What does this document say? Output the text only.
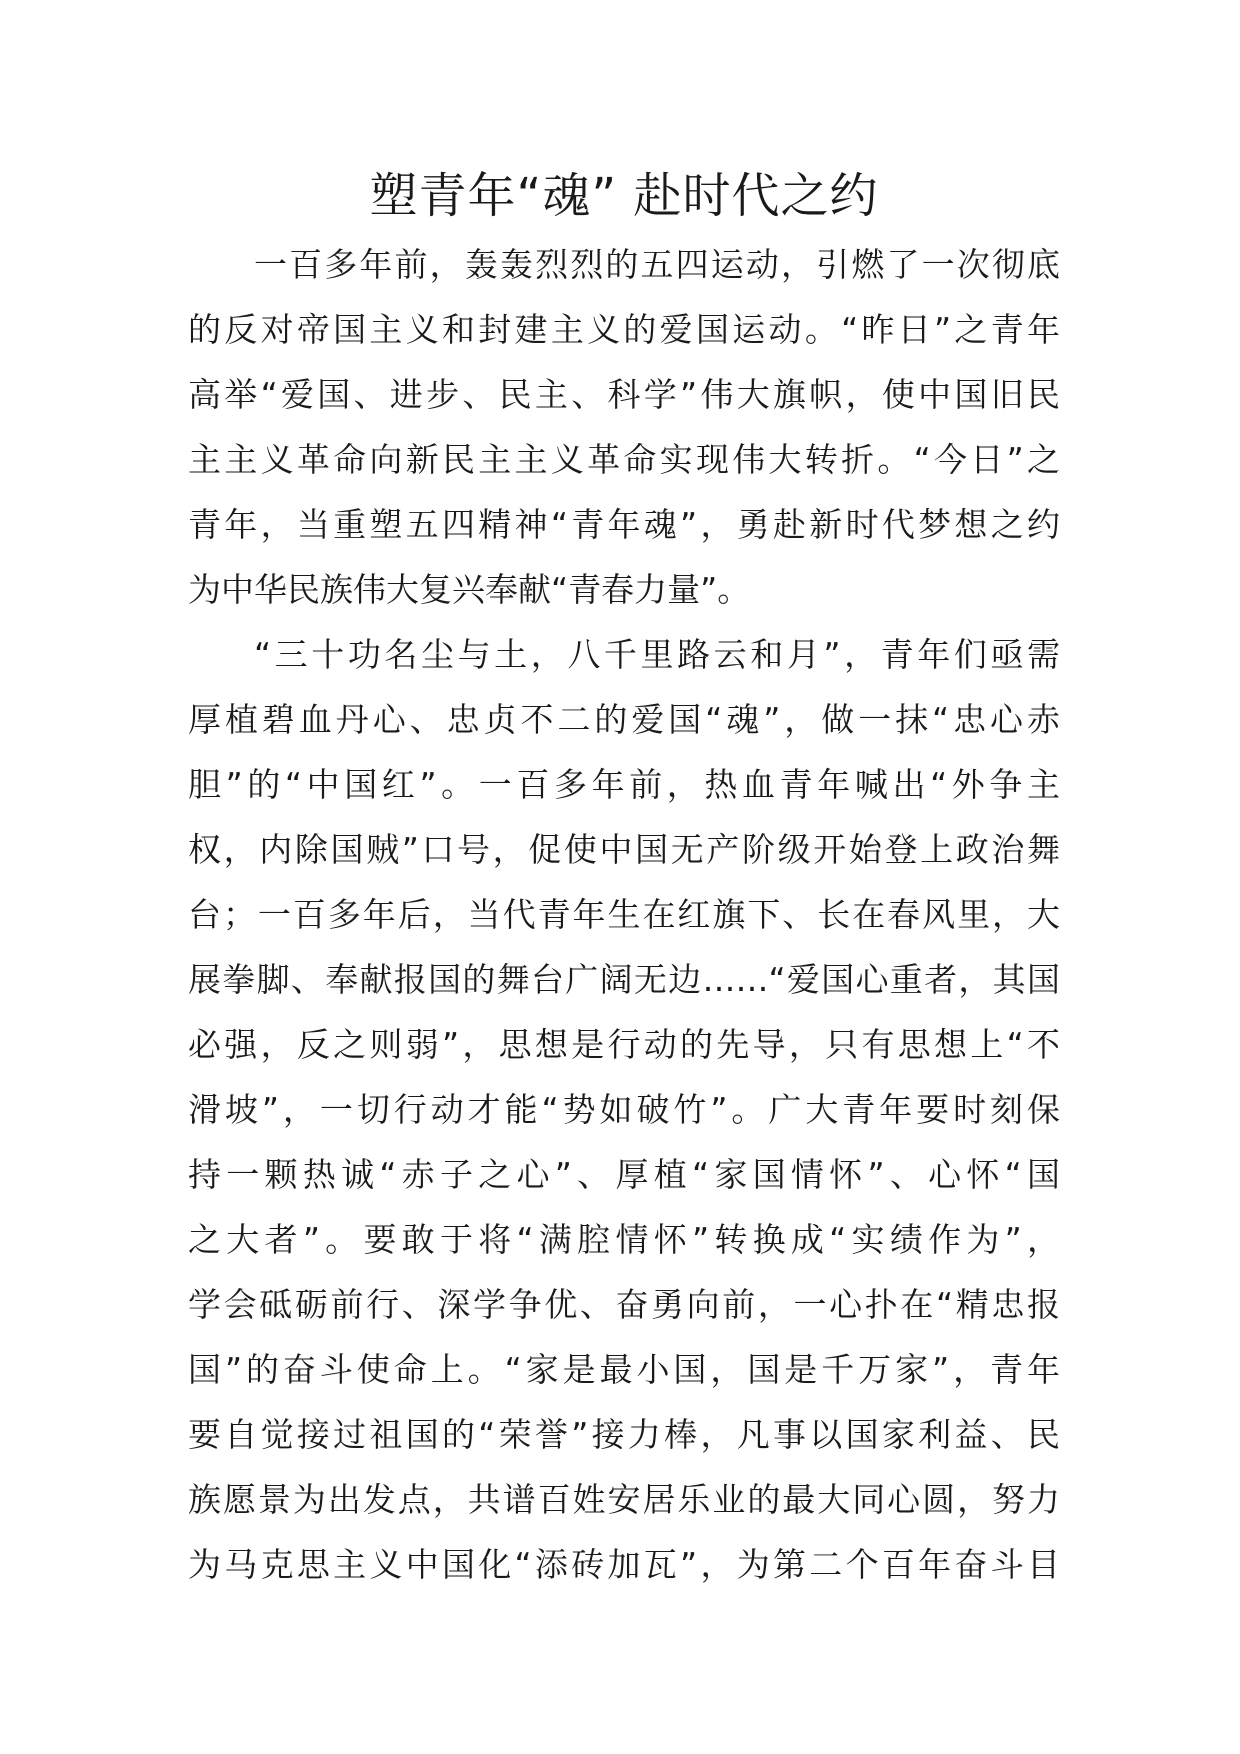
塑青年“魂” 赴时代之约
一百多年前，轰轰烈烈的五四运动，引燃了一次彻底
的反对帝国主义和封建主义的爱国运动。“昨日”之青年
高举“爱国、进步、民主、科学”伟大旗帜，使中国旧民
主主义革命向新民主主义革命实现伟大转折。“今日”之
青年，当重塑五四精神“青年魂”，勇赴新时代梦想之约
为中华民族伟大复兴奉献“青春力量”。
“三十功名尘与土，八千里路云和月”，青年们亟需
厚植碧血丹心、忠贞不二的爱国“魂”，做一抹“忠心赤
胆”的“中国红”。一百多年前，热血青年喊出“外争主
权，内除国贼”口号，促使中国无产阶级开始登上政治舞
台；一百多年后，当代青年生在红旗下、长在春风里，大
展拳脚、奉献报国的舞台广阔无边……“爱国心重者，其国
必强，反之则弱”，思想是行动的先导，只有思想上“不
滑坡”，一切行动才能“势如破竹”。广大青年要时刻保
持一颗热诚“赤子之心”、厚植“家国情怀”、心怀“国
之大者”。要敢于将“满腔情怀”转换成“实绩作为”，
学会砥砺前行、深学争优、奋勇向前，一心扑在“精忠报
国”的奋斗使命上。“家是最小国，国是千万家”，青年
要自觉接过祖国的“荣誉”接力棒，凡事以国家利益、民
族愿景为出发点，共谱百姓安居乐业的最大同心圆，努力
为马克思主义中国化“添砖加瓦”，为第二个百年奋斗目
